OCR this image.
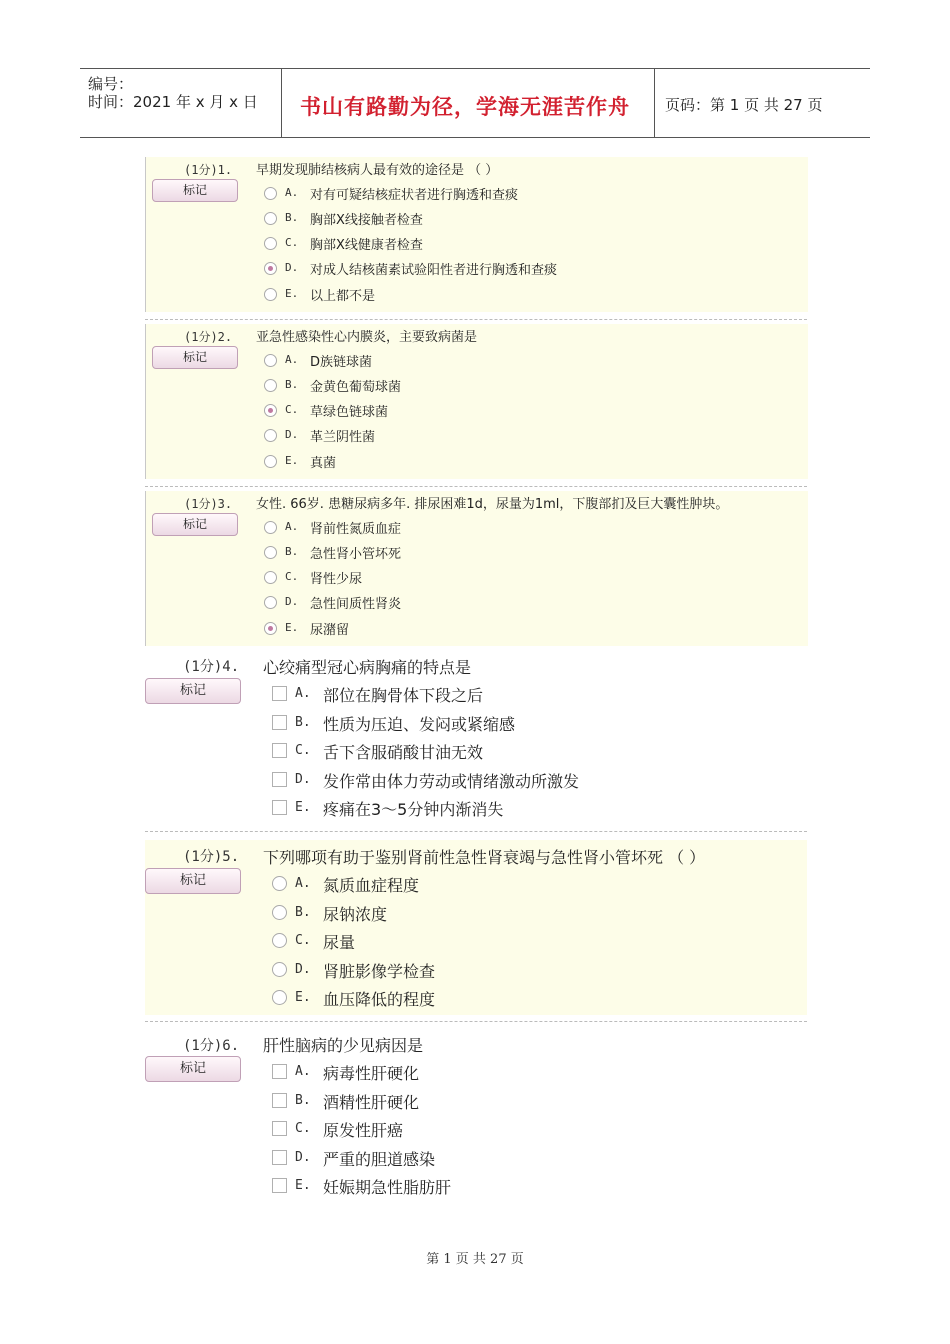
编号：
时间：2021 年 x 月 x 日 书山有路勤为径，学海无涯苦作舟 页码：第 1 页 共 27 页
(1分)1.
标记
早期发现肺结核病人最有效的途径是 （ ）
A. 对有可疑结核症状者进行胸透和查痰
B. 胸部X线接触者检查
C. 胸部X线健康者检查
D. 对成人结核菌素试验阳性者进行胸透和查痰
E. 以上都不是
(1分)2.
标记
亚急性感染性心内膜炎，主要致病菌是
A. D族链球菌
B. 金黄色葡萄球菌
C. 草绿色链球菌
D. 革兰阴性菌
E. 真菌
(1分)3.
标记
女性. 66岁. 患糖尿病多年. 排尿困难1d，尿量为1ml，下腹部扪及巨大囊性肿块。
A. 肾前性氮质血症
B. 急性肾小管坏死
C. 肾性少尿
D. 急性间质性肾炎
E. 尿潴留
(1分)4.
标记
心绞痛型冠心病胸痛的特点是
A. 部位在胸骨体下段之后
B. 性质为压迫、发闷或紧缩感
C. 舌下含服硝酸甘油无效
D. 发作常由体力劳动或情绪激动所激发
E. 疼痛在3～5分钟内渐消失
(1分)5.
标记
下列哪项有助于鉴别肾前性急性肾衰竭与急性肾小管坏死 （ ）
A. 氮质血症程度
B. 尿钠浓度
C. 尿量
D. 肾脏影像学检查
E. 血压降低的程度
(1分)6.
标记
肝性脑病的少见病因是
A. 病毒性肝硬化
B. 酒精性肝硬化
C. 原发性肝癌
D. 严重的胆道感染
E. 妊娠期急性脂肪肝
第 1 页 共 27 页
